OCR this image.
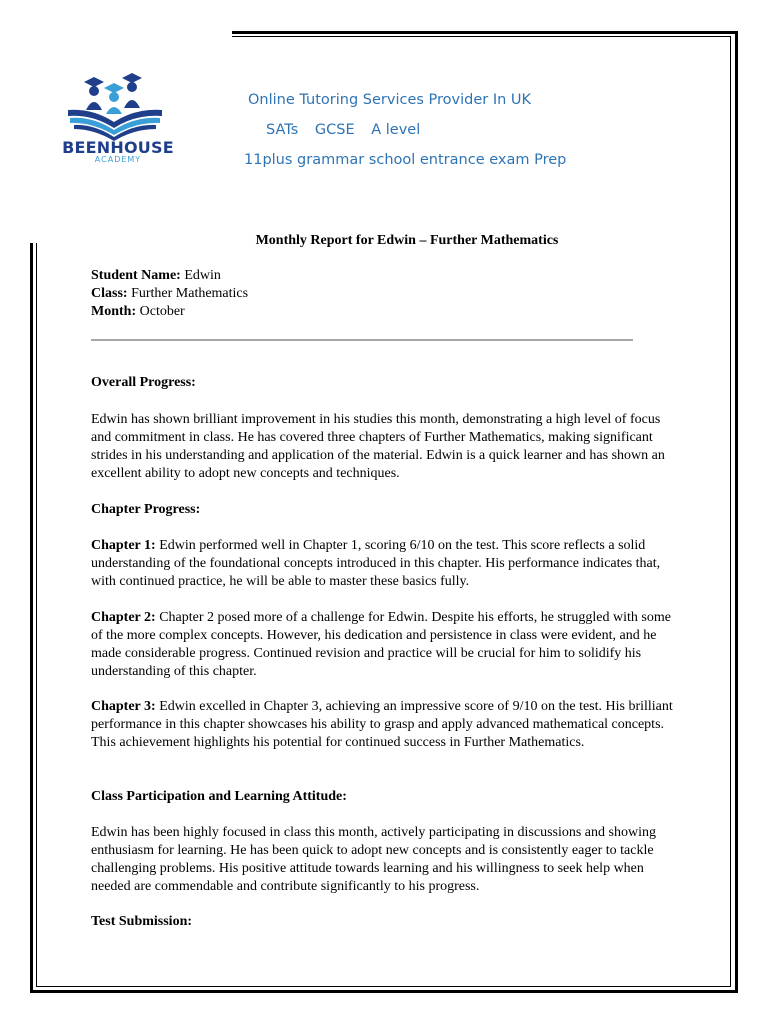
BEENHOUSE
ACADEMY
Online Tutoring Services Provider In UK
SATs GCSE A level
11plus grammar school entrance exam Prep
Monthly Report for Edwin – Further Mathematics
Student Name: Edwin
Class: Further Mathematics
Month: October
Overall Progress:

Edwin has shown brilliant improvement in his studies this month, demonstrating a high level of focus and commitment in class. He has covered three chapters of Further Mathematics, making significant strides in his understanding and application of the material. Edwin is a quick learner and has shown an excellent ability to adopt new concepts and techniques.

Chapter Progress:

Chapter 1: Edwin performed well in Chapter 1, scoring 6/10 on the test. This score reflects a solid understanding of the foundational concepts introduced in this chapter. His performance indicates that, with continued practice, he will be able to master these basics fully.

Chapter 2: Chapter 2 posed more of a challenge for Edwin. Despite his efforts, he struggled with some of the more complex concepts. However, his dedication and persistence in class were evident, and he made considerable progress. Continued revision and practice will be crucial for him to solidify his understanding of this chapter.

Chapter 3: Edwin excelled in Chapter 3, achieving an impressive score of 9/10 on the test. His brilliant performance in this chapter showcases his ability to grasp and apply advanced mathematical concepts. This achievement highlights his potential for continued success in Further Mathematics.

Class Participation and Learning Attitude:

Edwin has been highly focused in class this month, actively participating in discussions and showing enthusiasm for learning. He has been quick to adopt new concepts and is consistently eager to tackle challenging problems. His positive attitude towards learning and his willingness to seek help when needed are commendable and contribute significantly to his progress.

Test Submission:
